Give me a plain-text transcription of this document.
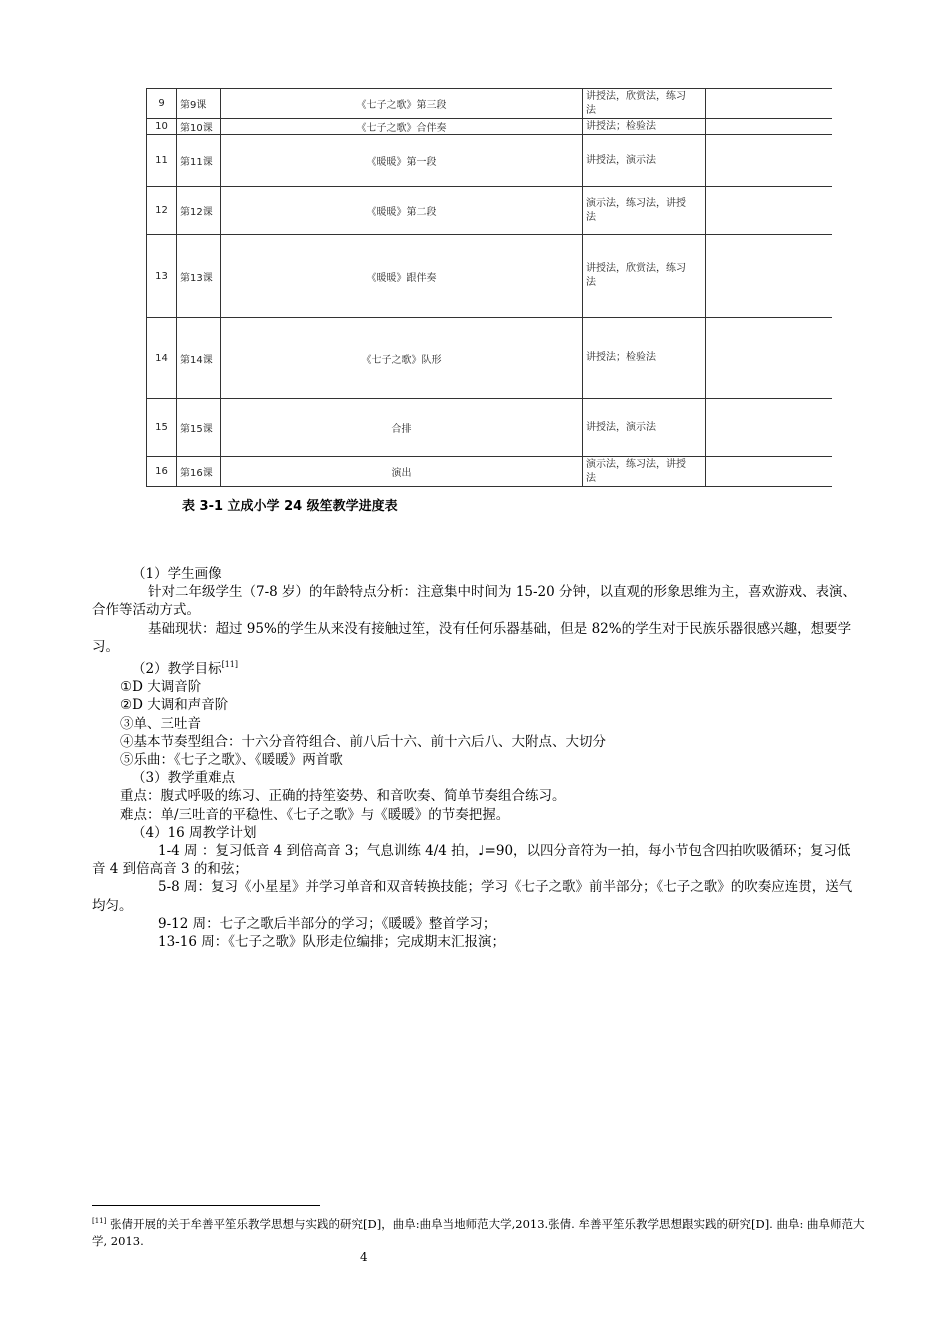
9	第9课	《七子之歌》第三段	讲授法，欣赏法，练习
法	
10	第10课	《七子之歌》合伴奏	讲授法；检验法	
11	第11课	《暖暖》第一段	讲授法，演示法	
12	第12课	《暖暖》第二段	演示法，练习法，讲授
法	
13	第13课	《暖暖》跟伴奏	讲授法，欣赏法，练习
法	
14	第14课	《七子之歌》队形	讲授法；检验法	
15	第15课	合排	讲授法，演示法	
16	第16课	演出	演示法，练习法，讲授
法	
表 3-1 立成小学 24 级笙教学进度表

（1）学生画像

针对二年级学生（7-8 岁）的年龄特点分析：注意集中时间为 15-20 分钟，以直观的形象思维为主，喜欢游戏、表演、合作等活动方式。

基础现状：超过 95%的学生从来没有接触过笙，没有任何乐器基础，但是 82%的学生对于民族乐器很感兴趣，想要学习。

（2）教学目标[11]

①D 大调音阶

②D 大调和声音阶

③单、三吐音

④基本节奏型组合：十六分音符组合、前八后十六、前十六后八、大附点、大切分

⑤乐曲：《七子之歌》、《暖暖》两首歌

（3）教学重难点

重点：腹式呼吸的练习、正确的持笙姿势、和音吹奏、简单节奏组合练习。

难点：单/三吐音的平稳性、《七子之歌》与《暖暖》的节奏把握。

（4）16 周教学计划

1-4 周 ：复习低音 4 到倍高音 3；气息训练 4/4 拍，♩=90，以四分音符为一拍，每小节包含四拍吹吸循环；复习低音 4 到倍高音 3 的和弦；

5-8 周：复习《小星星》并学习单音和双音转换技能；学习《七子之歌》前半部分；《七子之歌》的吹奏应连贯，送气均匀。

9-12 周：七子之歌后半部分的学习；《暖暖》整首学习；

13-16 周：《七子之歌》队形走位编排；完成期末汇报演；

[11] 张倩开展的关于牟善平笙乐教学思想与实践的研究[D]，曲阜:曲阜当地师范大学,2013.张倩. 牟善平笙乐教学思想跟实践的研究[D]. 曲阜: 曲阜师范大学, 2013.
4
